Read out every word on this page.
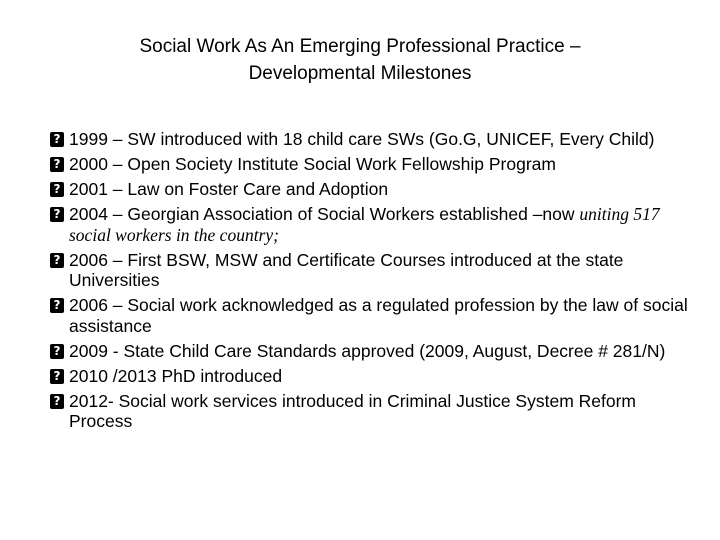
Social Work As An Emerging Professional Practice –
Developmental Milestones
?
1999 – SW introduced with 18 child care SWs (Go.G, UNICEF, Every Child)
?
2000 – Open Society Institute Social Work Fellowship Program
?
2001 – Law on Foster Care and Adoption
?
2004 – Georgian Association of Social Workers established –now uniting 517 social workers in the country;
?
2006 – First BSW, MSW and Certificate Courses introduced at the state Universities
?
2006 – Social work acknowledged as a regulated profession by the law of social assistance
?
2009 - State Child Care Standards approved (2009, August, Decree # 281/N)
?
2010 /2013 PhD introduced
?
2012- Social work services introduced in Criminal Justice System Reform Process
